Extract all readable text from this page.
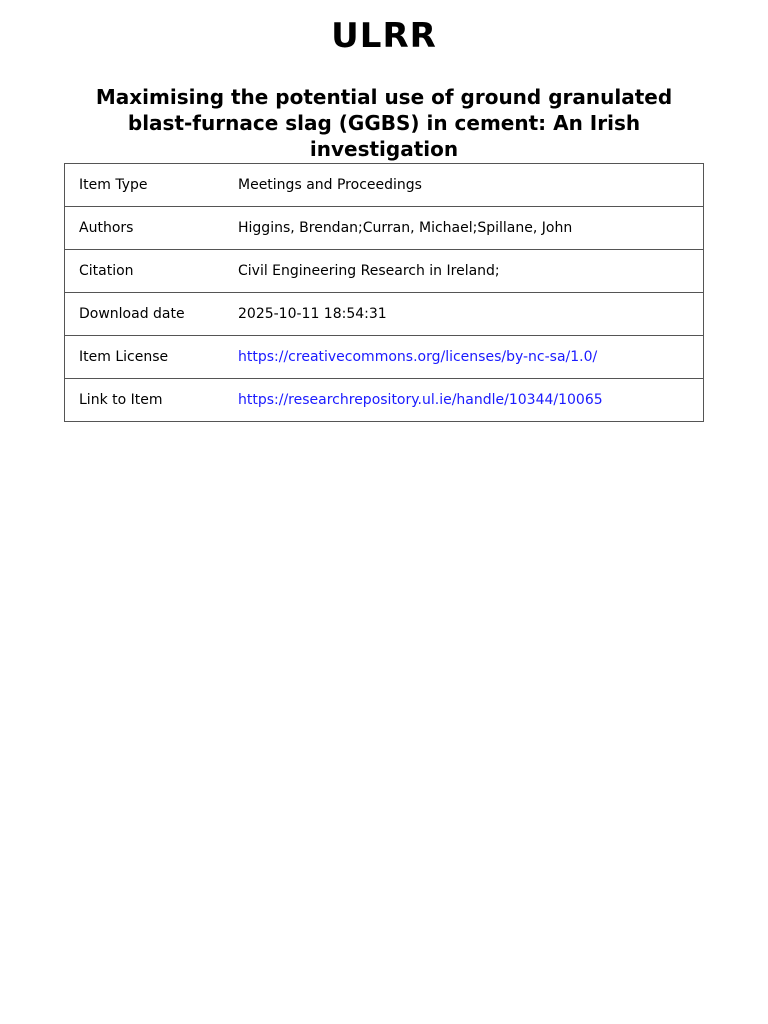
ULRR
Maximising the potential use of ground granulated blast-furnace slag (GGBS) in cement: An Irish investigation
Item Type	Meetings and Proceedings
Authors	Higgins, Brendan;Curran, Michael;Spillane, John
Citation	Civil Engineering Research in Ireland;
Download date	2025-10-11 18:54:31
Item License	https://creativecommons.org/licenses/by-nc-sa/1.0/
Link to Item	https://researchrepository.ul.ie/handle/10344/10065
